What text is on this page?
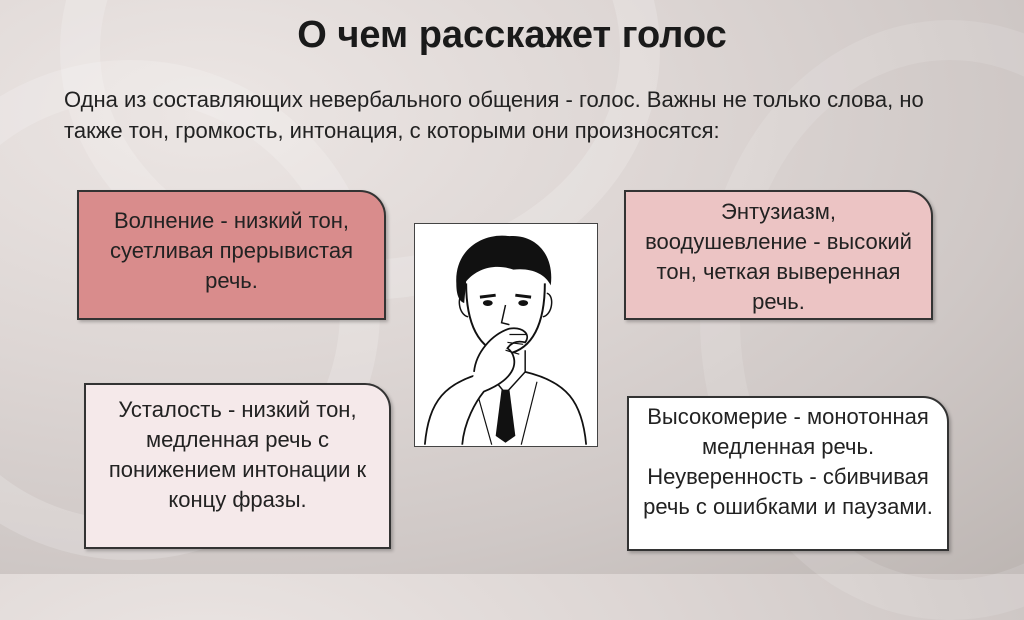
О чем расскажет голос
Одна из составляющих невербального общения - голос. Важны не только слова, но также тон, громкость, интонация, с которыми они произносятся:
Волнение - низкий тон, суетливая прерывистая речь.
Энтузиазм, воодушевление - высокий тон, четкая выверенная речь.
Усталость - низкий тон, медленная речь с понижением интонации к концу фразы.
Высокомерие - монотонная медленная речь. Неуверенность - сбивчивая речь с ошибками и паузами.
